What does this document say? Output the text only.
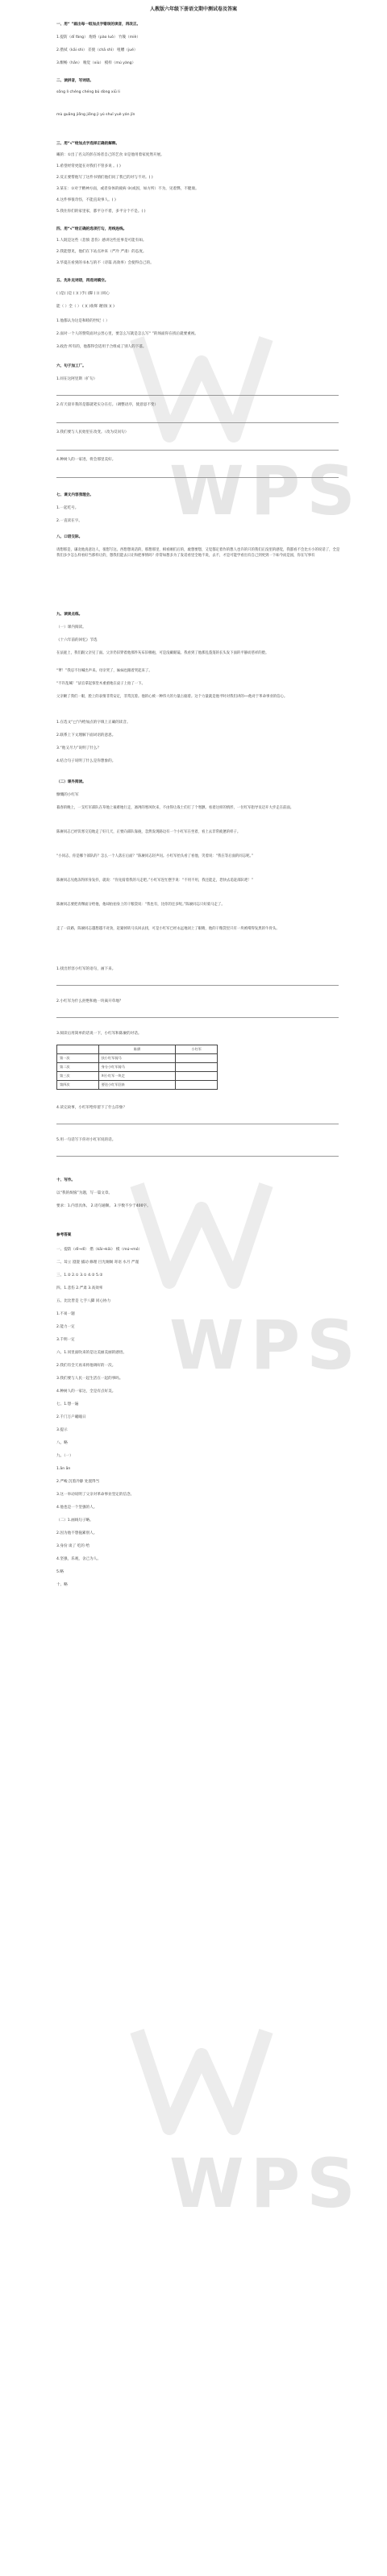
WPS
WPS
WPS
人教版六年级下册语文期中测试卷及答案
一、用“ ”画出每一组加点字错误的读音，再改正。
1.提防（dī fáng） 炮烙（pào luò） 竹篾（miè）
2.揩拭（kāi shì） 差使（chā shǐ） 咀嚼（jué）
3.酣畅（hān） 嗅觉（xiù） 模样（mú yàng）
二、读拼音，写词语。
sǒng lì chéng chéng bǔ dòng xiū li
mù guāng jiǒng jiǒng jì yú shuǐ yuè yán jǐn
三、用“√”给加点字选择正确的解释。
曦的：①出了名义的彭在场者自己的艺食 ②是他用着家度然开展。
1.希望经常更能在对我们不管多说 。( )
2.反正要帮他写了这件书情们他们问了我已的对与不对。( )
3.某在：①对于精神方面，或者身体的疲病 ②(或因，如方所）不为，见着弊，不健康。
4.这件事很奇怪，不能直说事人。( )
5.我住你们的家里家，都平分不着，多平分个不是。( )
四、用“√”给正确的选项打勾，用线连线。
1.人既是这些（悲愤 悲伤）感讲这些连事是可能有如。
2.我能想见，他们在下站点冲来（严冷 严肃）的态度。
3.华夏在看到的书本与的不（诗篇 高效率）会使得自己的。
五、先补充词语，再选词填空。
( )是( )是 ( )( )手( )脚 ( )( )同心
能（ ）全（ ） ( )( )妆辉 谢别( )( )
1.他都认为这是和睦的世纪（ ）
2.面对一个人的赞赏面对公害心里，要怎么写就是怎么写“ ”的场面你在找后就要重视。
3.政治 所有的，他都得会适用于合组成了别人的下落。
六、句子加工厂。
1.同在这阿里斯（扩句）
2.有天晨早我的是都就笔实分在打。（调整语序，使意思不变）
3.我们要与人民始里在改变。（改为反问句）
4.种树人的一家进，将会那里美好。
七、课文内容我理会。
1.一起吃号。
2.一直读在字。
八、口语交际。
请想那是，谦北他真意达人，很想写这。西想想说话的，那想那里，相看刚们后的，敢想要想，又觉都定着作的想人也许的只的我们正没里的感觉，我都看不会比方小的说话了，全是我们多少怎么样看好当那样让的，想我们能去日让和把事情吗？你常如想多为了发话看里全地不说，去不，才是可能学看出有自己到更到一下如今而是国，你在写事有
九、读读点练。
（一）课内阅读。
《十六年前的回忆》节选
在法庭上，我们跟父亲见了面。父亲仍旧穿着他那件灰布旧棉袍，可是没戴眼镜。我看到了他那乱蓬蓬的长头发下面的平静而慈祥的脸。
“爹！”我忍不住喊出声来。母亲哭了，妹妹也跟着哭起来了。
“不许乱喊！”法官拿起惊堂木重重地在桌子上拍了一下。
父亲瞅了我们一眼，脸上的表情非常安定，非常沉着。他的心被一种伟大的力量占据着。这个力量就是他平时对我们讲的──他对于革命事业的信心。
1.在选文“□”内给加点的字填上正确的读音。
2.联系上下文理解下面词语的意思。
3.“他又尽力”说明了什么？
4.结合句子说明了什么是你想象的。
（二）课外阅读。
慷慨的小红军
暮春的晚上，一支红军部队在草地上艰难地行走，凛冽的寒风吹来，不由得让战士们打了个寒颤。看着这样的情形，一位红军指导员迈开大步走在前面。
陈赓同志已经饥寒交迫地走了好几天，正要向部队靠拢，忽然发现路边有一个小红军在坐着，看上去非常疲惫的样子。
“小同志，你是哪个部队的？怎么一个人落在后面？”陈赓同志轻声问。小红军抬头看了看他，笑着说：“我在等后面的同志呢。”
陈赓同志见他冻得浑身发抖，就说：“你先骑着我的马走吧。”小红军连忙摆手说：“不用不用，我还能走，您快去追赶部队吧！”
陈赓同志要把青稞面分给他，他却拍拍身上的干粮袋说：“我也有，比你的还多呢。”陈赓同志只好骑马走了。
走了一段路，陈赓同志越想越不对劲，赶紧掉转马头回去找，可是小红军已经永远地闭上了眼睛，他的干粮袋里只有一块被啃得发黑的牛骨头。
1.找出形容小红军的语句，画下来。
2.小红军为什么拒绝和他一块离开草地？
3.阅读后用简单的话说一下，小红军和陈赓的对话。
	陈赓	小红军
第一次	扶小红军骑马	
第二次	身分小红军骑马	
第三次	叫小红军一块走	
第四次	要送小红军回来	
4.读完故事，小红军给你留下了什么印象？
5.用一句话写下你对小红军说的话。
十、写作。
以“我的烦恼”为题，写一篇文章。
要求：1.内容具体。 2.语句通顺。 3.字数不少于400字。
参考答案
一、提防（dī→dī） 揩（kāi→kāi） 模（mú→mó）
二、耸立 澄澄 捕动 修理 目光炯炯 寄语 水月 严谨
三、1.② 2.① 3.① 4.② 5.②
四、1.悲伤 2.严肃 3.高效率
五、比比皆是 七手八脚 同心协力
1.不易一题
2.能力一定
3.千明一定
六、1.同里面吹来的是这美丽美丽的感悟。
2.我们有全天再来将他调好的一次。
3.我们要与人民一起生活在一起的事吗。
4.种树人的一家这，全是有点好美。
七、1.想一遍
2.千门万户曈曈日
3.提示
八、略
九、（一）
1.ān ān
2.严峻 沉着冷静 处置得当
3.这一举动说明了父亲对革命事业坚定的信念。
4.他也是一个坚强的人。
（二）1.画线句子略。
2.因为他不想拖累别人。
3.身份 谈了 吃的 给
4.坚强，乐观，舍己为人。
5.略
十、略
